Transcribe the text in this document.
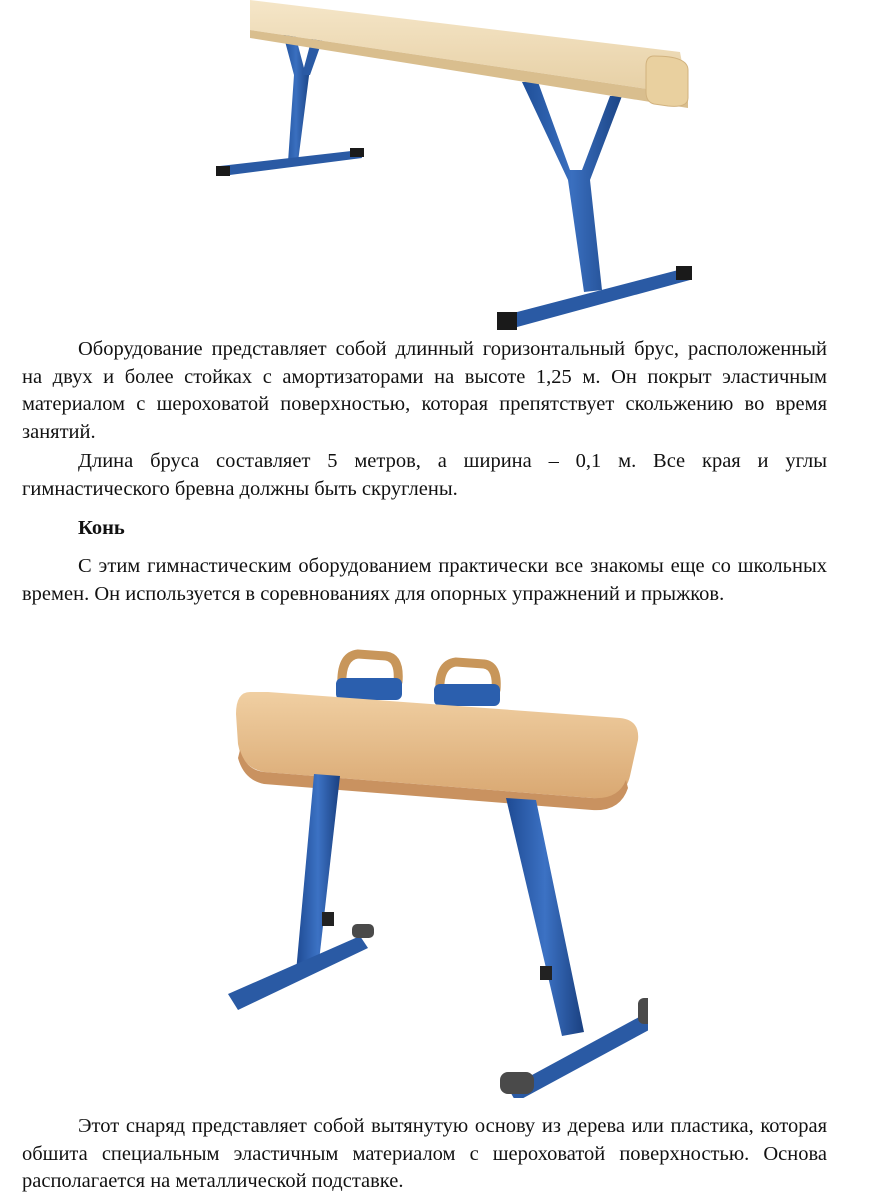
Оборудование представляет собой длинный горизонтальный брус, расположенный на двух и более стойках с амортизаторами на высоте 1,25 м. Он покрыт эластичным материалом с шероховатой поверхностью, которая препятствует скольжению во время занятий.

Длина бруса составляет 5 метров, а ширина – 0,1 м. Все края и углы гимнастического бревна должны быть скруглены.

Конь

С этим гимнастическим оборудованием практически все знакомы еще со школьных времен. Он используется в соревнованиях для опорных упражнений и прыжков.

Этот снаряд представляет собой вытянутую основу из дерева или пластика, которая обшита специальным эластичным материалом с шероховатой поверхностью. Основа располагается на металлической подставке.
